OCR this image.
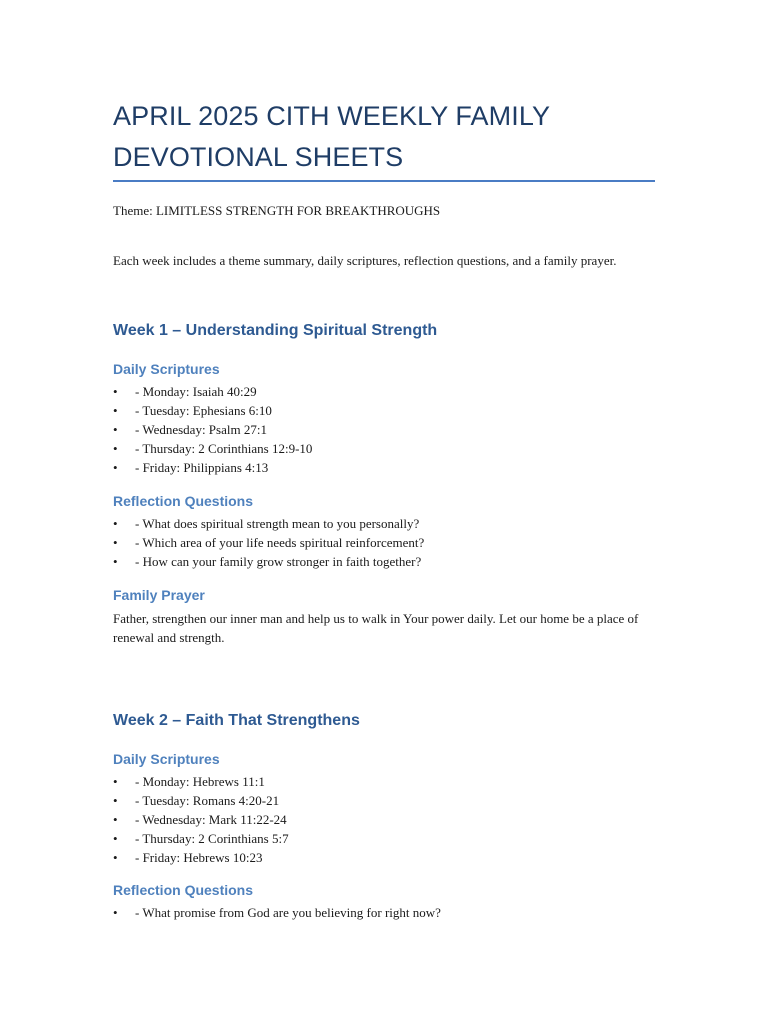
APRIL 2025 CITH WEEKLY FAMILY DEVOTIONAL SHEETS

Theme: LIMITLESS STRENGTH FOR BREAKTHROUGHS

Each week includes a theme summary, daily scriptures, reflection questions, and a family prayer.

Week 1 – Understanding Spiritual Strength
Daily Scriptures
• - Monday: Isaiah 40:29
• - Tuesday: Ephesians 6:10
• - Wednesday: Psalm 27:1
• - Thursday: 2 Corinthians 12:9-10
• - Friday: Philippians 4:13
Reflection Questions
• - What does spiritual strength mean to you personally?
• - Which area of your life needs spiritual reinforcement?
• - How can your family grow stronger in faith together?
Family Prayer

Father, strengthen our inner man and help us to walk in Your power daily. Let our home be a place of renewal and strength.

Week 2 – Faith That Strengthens
Daily Scriptures
• - Monday: Hebrews 11:1
• - Tuesday: Romans 4:20-21
• - Wednesday: Mark 11:22-24
• - Thursday: 2 Corinthians 5:7
• - Friday: Hebrews 10:23
Reflection Questions
• - What promise from God are you believing for right now?
